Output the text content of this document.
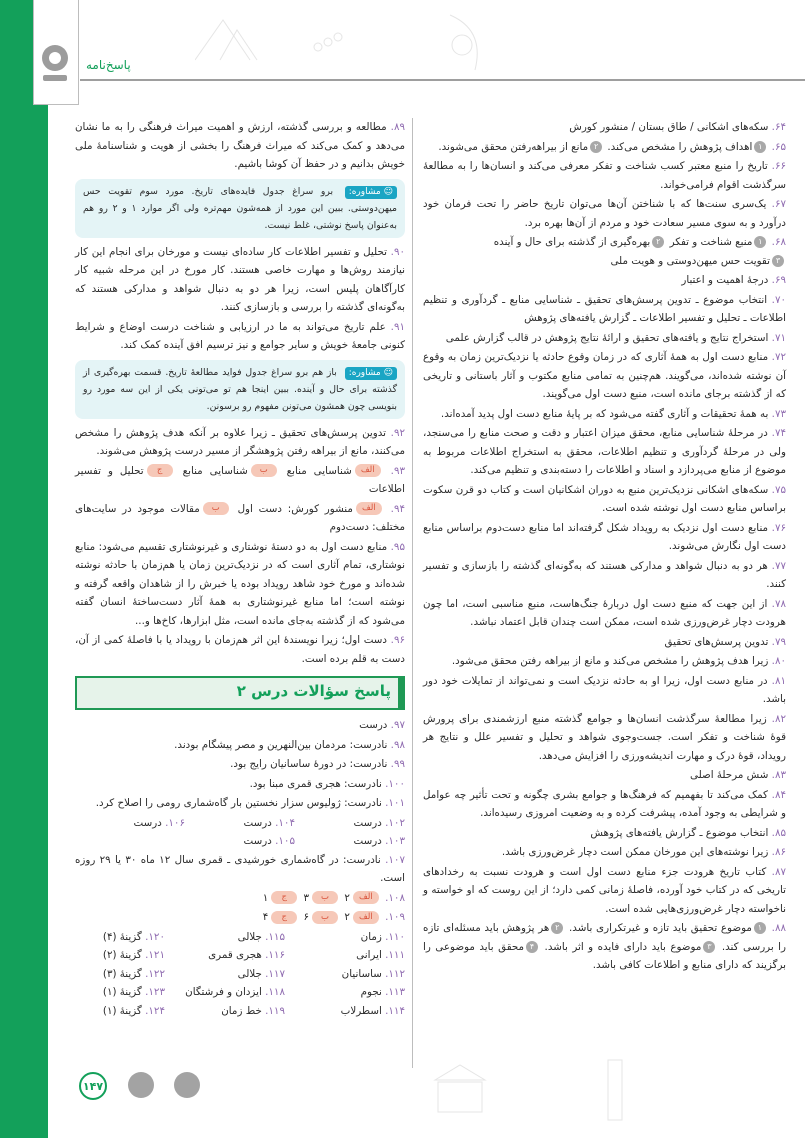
پاسخ‌نامه
۶۴. سکه‌های اشکانی / طاق بستان / منشور کورش
۶۵. ۱اهداف پژوهش را مشخص می‌کند. ۲مانع از بیراهه‌رفتن محقق می‌شوند.
۶۶. تاریخ را منبع معتبر کسب شناخت و تفکر معرفی می‌کند و انسان‌ها را به مطالعهٔ سرگذشت اقوام فرامی‌خواند.
۶۷. یک‌سری سنت‌ها که با شناختن آن‌ها می‌توان تاریخ حاضر را تحت فرمان خود درآورد و به سوی مسیر سعادت خود و مردم از آن‌ها بهره برد.
۶۸. ۱منبع شناخت و تفکر ۲بهره‌گیری از گذشته برای حال و آینده
۳تقویت حس میهن‌دوستی و هویت ملی
۶۹. درجهٔ اهمیت و اعتبار
۷۰. انتخاب موضوع ـ تدوین پرسش‌های تحقیق ـ شناسایی منابع ـ گردآوری و تنظیم اطلاعات ـ تحلیل و تفسیر اطلاعات ـ گزارش یافته‌های پژوهش
۷۱. استخراج نتایج و یافته‌های تحقیق و ارائهٔ نتایج پژوهش در قالب گزارش علمی
۷۲. منابع دست اول به همهٔ آثاری که در زمان وقوع حادثه یا نزدیک‌ترین زمان به وقوع آن نوشته شده‌اند، می‌گویند. هم‌چنین به تمامی منابع مکتوب و آثار باستانی و تاریخی که از گذشته برجای مانده است، منبع دست اول می‌گویند.
۷۳. به همهٔ تحقیقات و آثاری گفته می‌شود که بر پایهٔ منابع دست اول پدید آمده‌اند.
۷۴. در مرحلهٔ شناسایی منابع، محقق میزان اعتبار و دقت و صحت منابع را می‌سنجد، ولی در مرحلهٔ گردآوری و تنظیم اطلاعات، محقق به استخراج اطلاعات مربوط به موضوع از منابع می‌پردازد و اسناد و اطلاعات را دسته‌بندی و تنظیم می‌کند.
۷۵. سکه‌های اشکانی نزدیک‌ترین منبع به دوران اشکانیان است و کتاب دو قرن سکوت براساس منابع دست اول نوشته شده است.
۷۶. منابع دست اول نزدیک به رویداد شکل گرفته‌اند اما منابع دست‌دوم براساس منابع دست اول نگارش می‌شوند.
۷۷. هر دو به دنبال شواهد و مدارکی هستند که به‌گونه‌ای گذشته را بازسازی و تفسیر کنند.
۷۸. از این جهت که منبع دست اول دربارهٔ جنگ‌هاست، منبع مناسبی است، اما چون هرودت دچار غرض‌ورزی شده است، ممکن است چندان قابل اعتماد نباشد.
۷۹. تدوین پرسش‌های تحقیق
۸۰. زیرا هدف پژوهش را مشخص می‌کند و مانع از بیراهه رفتن محقق می‌شود.
۸۱. در منابع دست اول، زیرا او به حادثه نزدیک است و نمی‌تواند از تمایلات خود دور باشد.
۸۲. زیرا مطالعهٔ سرگذشت انسان‌ها و جوامع گذشته منبع ارزشمندی برای پرورش قوهٔ شناخت و تفکر است. جست‌وجوی شواهد و تحلیل و تفسیر علل و نتایج هر رویداد، قوهٔ درک و مهارت اندیشه‌ورزی را افزایش می‌دهد.
۸۳. شش مرحلهٔ اصلی
۸۴. کمک می‌کند تا بفهمیم که فرهنگ‌ها و جوامع بشری چگونه و تحت تأثیر چه عوامل و شرایطی به وجود آمده، پیشرفت کرده و به وضعیت امروزی رسیده‌اند.
۸۵. انتخاب موضوع ـ گزارش یافته‌های پژوهش
۸۶. زیرا نوشته‌های این مورخان ممکن است دچار غرض‌ورزی باشد.
۸۷. کتاب تاریخ هرودت جزء منابع دست اول است و هرودت نسبت به رخدادهای تاریخی که در کتاب خود آورده، فاصلهٔ زمانی کمی دارد؛ از این روست که او خواسته و ناخواسته دچار غرض‌ورزی‌هایی شده است.
۸۸. ۱موضوع تحقیق باید تازه و غیرتکراری باشد. ۲هر پژوهش باید مسئله‌ای تازه را بررسی کند. ۳موضوع باید دارای فایده و اثر باشد. ۴محقق باید موضوعی را برگزیند که دارای منابع و اطلاعات کافی باشد.
۸۹. مطالعه و بررسی گذشته، ارزش و اهمیت میراث فرهنگی را به ما نشان می‌دهد و کمک می‌کند که میراث فرهنگ را بخشی از هویت و شناسنامهٔ ملی خویش بدانیم و در حفظ آن کوشا باشیم.
☺ مشاوره: برو سراغ جدول فایده‌های تاریخ. مورد سوم تقویت حس میهن‌دوستی. ببین این مورد از همه‌شون مهم‌تره ولی اگر موارد ۱ و ۲ رو هم به‌عنوان پاسخ نوشتی، غلط نیست.
۹۰. تحلیل و تفسیر اطلاعات کار ساده‌ای نیست و مورخان برای انجام این کار نیازمند روش‌ها و مهارت خاصی هستند. کار مورخ در این مرحله شبیه کار کارآگاهان پلیس است، زیرا هر دو به دنبال شواهد و مدارکی هستند که به‌گونه‌ای گذشته را بررسی و بازسازی کنند.
۹۱. علم تاریخ می‌تواند به ما در ارزیابی و شناخت درست اوضاع و شرایط کنونی جامعهٔ خویش و سایر جوامع و نیز ترسیم افق آینده کمک کند.
☺ مشاوره: باز هم برو سراغ جدول فواید مطالعهٔ تاریخ. قسمت بهره‌گیری از گذشته برای حال و آینده. ببین اینجا هم تو می‌تونی یکی از این سه مورد رو بنویسی چون همشون می‌تونن مفهوم رو برسونن.
۹۲. تدوین پرسش‌های تحقیق ـ زیرا علاوه بر آنکه هدف پژوهش را مشخص می‌کنند، مانع از بیراهه رفتن پژوهشگر از مسیر درست پژوهش می‌شوند.
۹۳. الفشناسایی منابع بشناسایی منابع جتحلیل و تفسیر اطلاعات
۹۴. الفمنشور کورش: دست اول بمقالات موجود در سایت‌های مختلف: دست‌دوم
۹۵. منابع دست اول به دو دستهٔ نوشتاری و غیرنوشتاری تقسیم می‌شود: منابع نوشتاری، تمام آثاری است که در نزدیک‌ترین زمان یا هم‌زمان با حادثه نوشته شده‌اند و مورخ خود شاهد رویداد بوده یا خبرش را از شاهدان واقعه گرفته و نوشته است؛ اما منابع غیرنوشتاری به همهٔ آثار دست‌ساختهٔ انسان گفته می‌شود که از گذشته به‌جای مانده است، مثل ابزارها، کاخ‌ها و...
۹۶. دست اول؛ زیرا نویسندهٔ این اثر هم‌زمان با رویداد یا با فاصلهٔ کمی از آن، دست به قلم برده است.
پاسخ سؤالات درس ۲
۹۷. درست
۹۸. نادرست: مردمان بین‌النهرین و مصر پیشگام بودند.
۹۹. نادرست: در دورهٔ ساسانیان رایج بود.
۱۰۰. نادرست: هجری قمری مبنا بود.
۱۰۱. نادرست: ژولیوس سزار نخستین بار گاه‌شماری رومی را اصلاح کرد.
۱۰۲. درست
۱۰۴. درست
۱۰۶. درست
۱۰۳. درست
۱۰۵. درست
۱۰۷. نادرست: در گاه‌شماری خورشیدی ـ قمری سال ۱۲ ماه ۳۰ یا ۲۹ روزه است.
۱۰۸. الف۲ ب۳ ج۱
۱۰۹. الف۲ ب۶ ج۴
۱۱۰. زمان
۱۱۵. جلالی
۱۲۰. گزینهٔ (۴)
۱۱۱. ایرانی
۱۱۶. هجری قمری
۱۲۱. گزینهٔ (۲)
۱۱۲. ساسانیان
۱۱۷. جلالی
۱۲۲. گزینهٔ (۳)
۱۱۳. نجوم
۱۱۸. ایزدان و فرشتگان
۱۲۳. گزینهٔ (۱)
۱۱۴. اسطرلاب
۱۱۹. خط زمان
۱۲۴. گزینهٔ (۱)
۱۴۷
